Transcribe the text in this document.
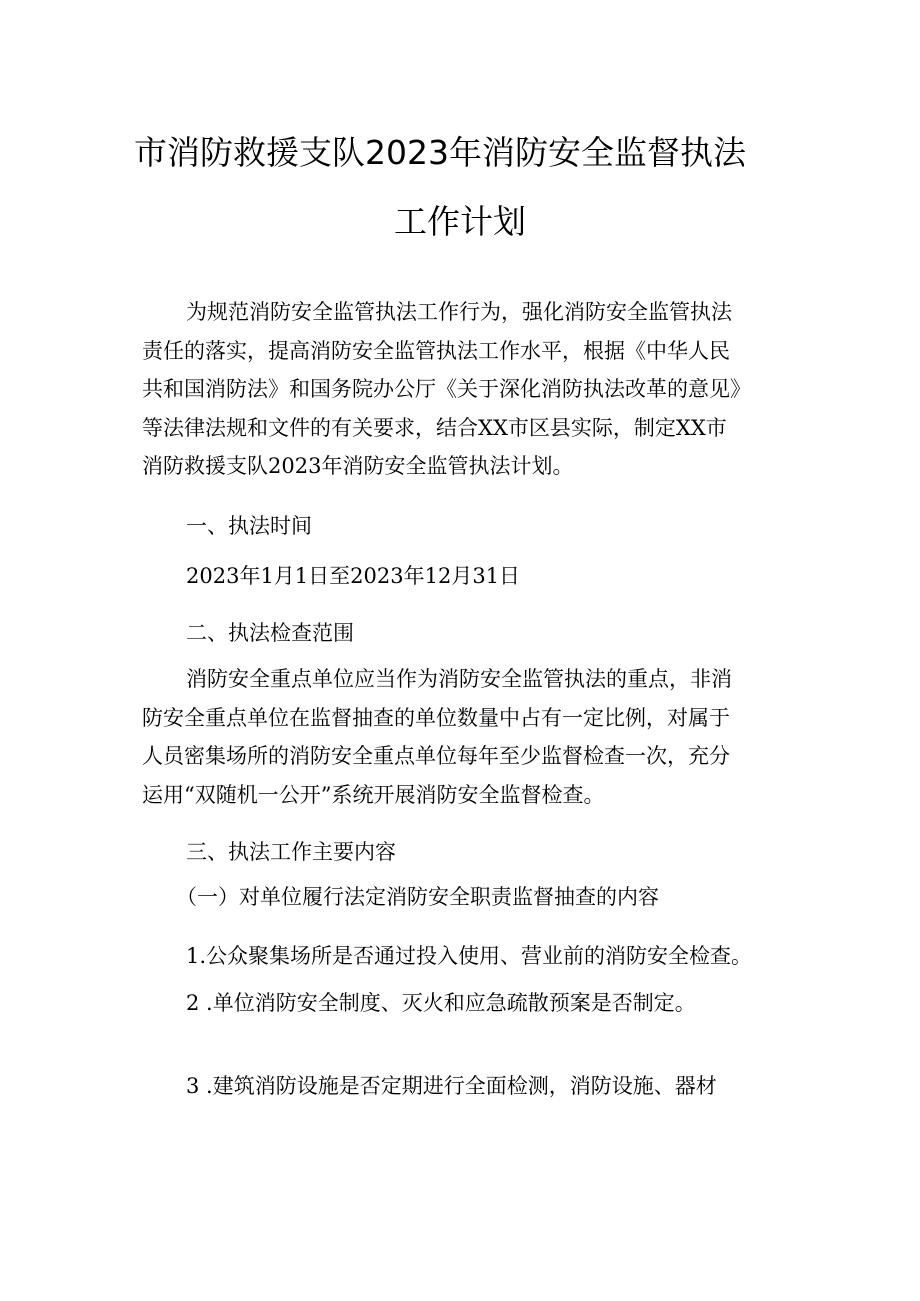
市消防救援支队2023年消防安全监督执法
工作计划
为规范消防安全监管执法工作行为，强化消防安全监管执法
责任的落实，提高消防安全监管执法工作水平，根据《中华人民
共和国消防法》和国务院办公厅《关于深化消防执法改革的意见》
等法律法规和文件的有关要求，结合XX市区县实际，制定XX市
消防救援支队2023年消防安全监管执法计划。
一、执法时间
2023年1月1日至2023年12月31日
二、执法检查范围
消防安全重点单位应当作为消防安全监管执法的重点，非消
防安全重点单位在监督抽查的单位数量中占有一定比例，对属于
人员密集场所的消防安全重点单位每年至少监督检查一次，充分
运用“双随机一公开”系统开展消防安全监督检查。
三、执法工作主要内容
（一）对单位履行法定消防安全职责监督抽查的内容
1.公众聚集场所是否通过投入使用、营业前的消防安全检查。
2 .单位消防安全制度、灭火和应急疏散预案是否制定。
3 .建筑消防设施是否定期进行全面检测，消防设施、器材
